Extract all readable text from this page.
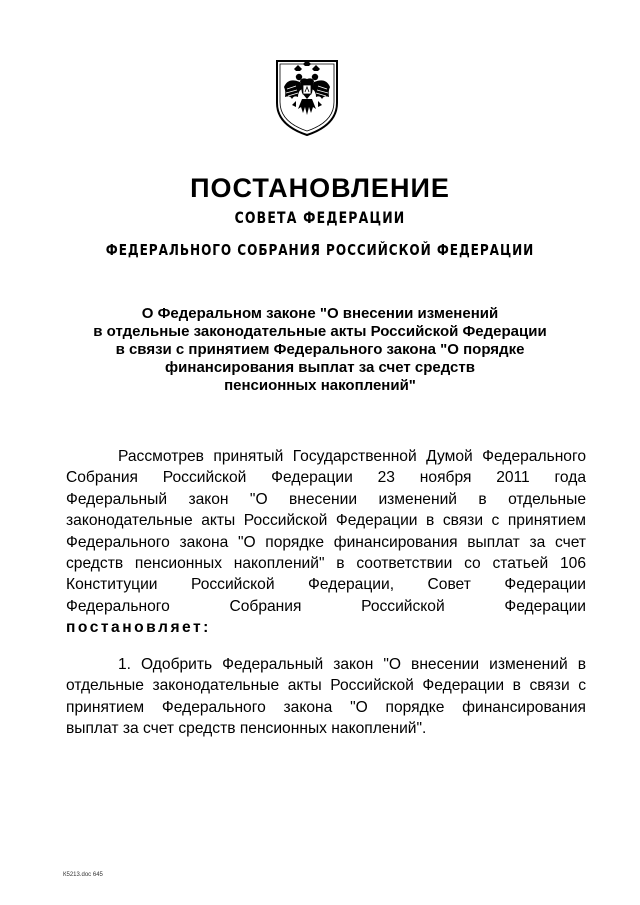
ПОСТАНОВЛЕНИЕ
СОВЕТА ФЕДЕРАЦИИ
ФЕДЕРАЛЬНОГО СОБРАНИЯ РОССИЙСКОЙ ФЕДЕРАЦИИ
О Федеральном законе "О внесении изменений
в отдельные законодательные акты Российской Федерации
в связи с принятием Федерального закона "О порядке
финансирования выплат за счет средств
пенсионных накоплений"
Рассмотрев принятый Государственной Думой Федерального
Собрания Российской Федерации 23 ноября 2011 года
Федеральный закон "О внесении изменений в отдельные
законодательные акты Российской Федерации в связи с принятием
Федерального закона "О порядке финансирования выплат за счет
средств пенсионных накоплений" в соответствии со статьей 106
Конституции Российской Федерации, Совет Федерации
Федерального Собрания Российской Федерации
постановляет:
1. Одобрить Федеральный закон "О внесении изменений в
отдельные законодательные акты Российской Федерации в связи с
принятием Федерального закона "О порядке финансирования
выплат за счет средств пенсионных накоплений".
К5213.doc 645
